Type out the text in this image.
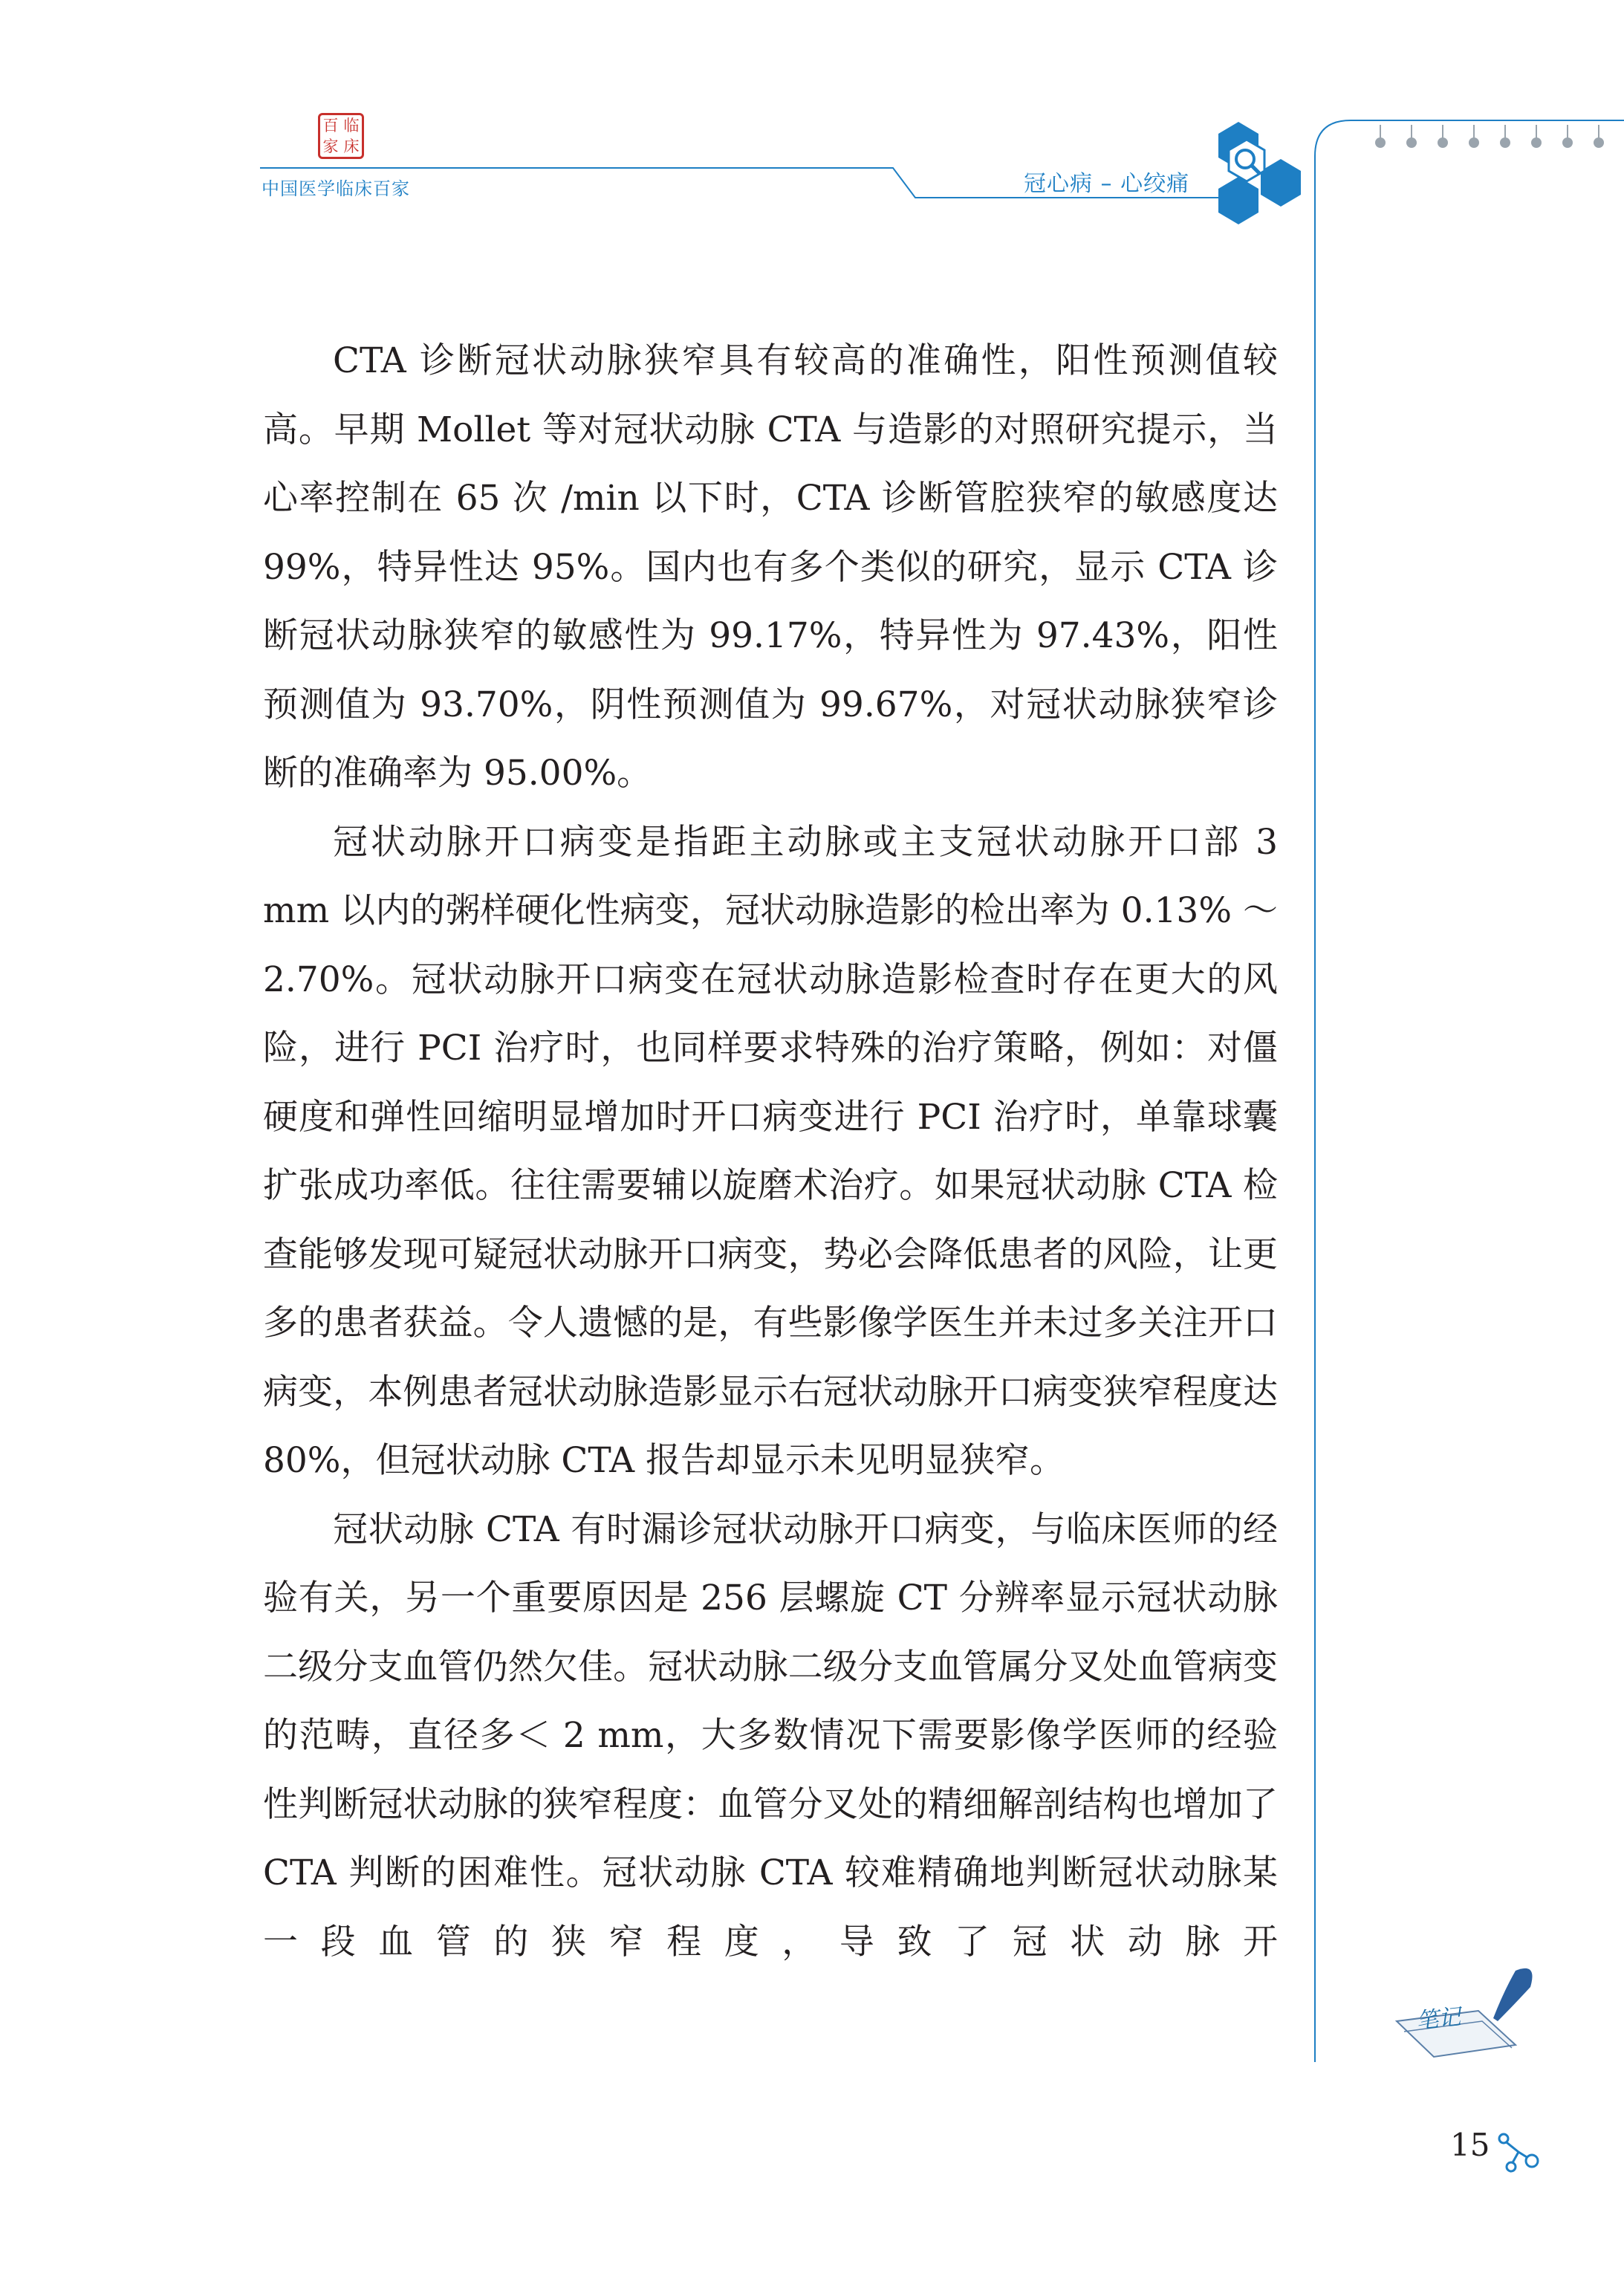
百 临
家 床
中国医学临床百家	冠心病 – 心绞痛

CTA 诊断冠状动脉狭窄具有较高的准确性，阳性预测值较高。早期 Mollet 等对冠状动脉 CTA 与造影的对照研究提示，当心率控制在 65 次 /min 以下时，CTA 诊断管腔狭窄的敏感度达 99%，特异性达 95%。国内也有多个类似的研究，显示 CTA 诊断冠状动脉狭窄的敏感性为 99.17%，特异性为 97.43%，阳性预测值为 93.70%，阴性预测值为 99.67%，对冠状动脉狭窄诊断的准确率为 95.00%。

冠状动脉开口病变是指距主动脉或主支冠状动脉开口部 3 mm 以内的粥样硬化性病变，冠状动脉造影的检出率为 0.13% ～ 2.70%。冠状动脉开口病变在冠状动脉造影检查时存在更大的风险，进行 PCI 治疗时，也同样要求特殊的治疗策略，例如：对僵硬度和弹性回缩明显增加时开口病变进行 PCI 治疗时，单靠球囊扩张成功率低。往往需要辅以旋磨术治疗。如果冠状动脉 CTA 检查能够发现可疑冠状动脉开口病变，势必会降低患者的风险，让更多的患者获益。令人遗憾的是，有些影像学医生并未过多关注开口病变，本例患者冠状动脉造影显示右冠状动脉开口病变狭窄程度达 80%，但冠状动脉 CTA 报告却显示未见明显狭窄。

冠状动脉 CTA 有时漏诊冠状动脉开口病变，与临床医师的经验有关，另一个重要原因是 256 层螺旋 CT 分辨率显示冠状动脉二级分支血管仍然欠佳。冠状动脉二级分支血管属分叉处血管病变的范畴，直径多＜ 2 mm，大多数情况下需要影像学医师的经验性判断冠状动脉的狭窄程度：血管分叉处的精细解剖结构也增加了 CTA 判断的困难性。冠状动脉 CTA 较难精确地判断冠状动脉某一段血管的狭窄程度，导致了冠状动脉开

笔记
15
